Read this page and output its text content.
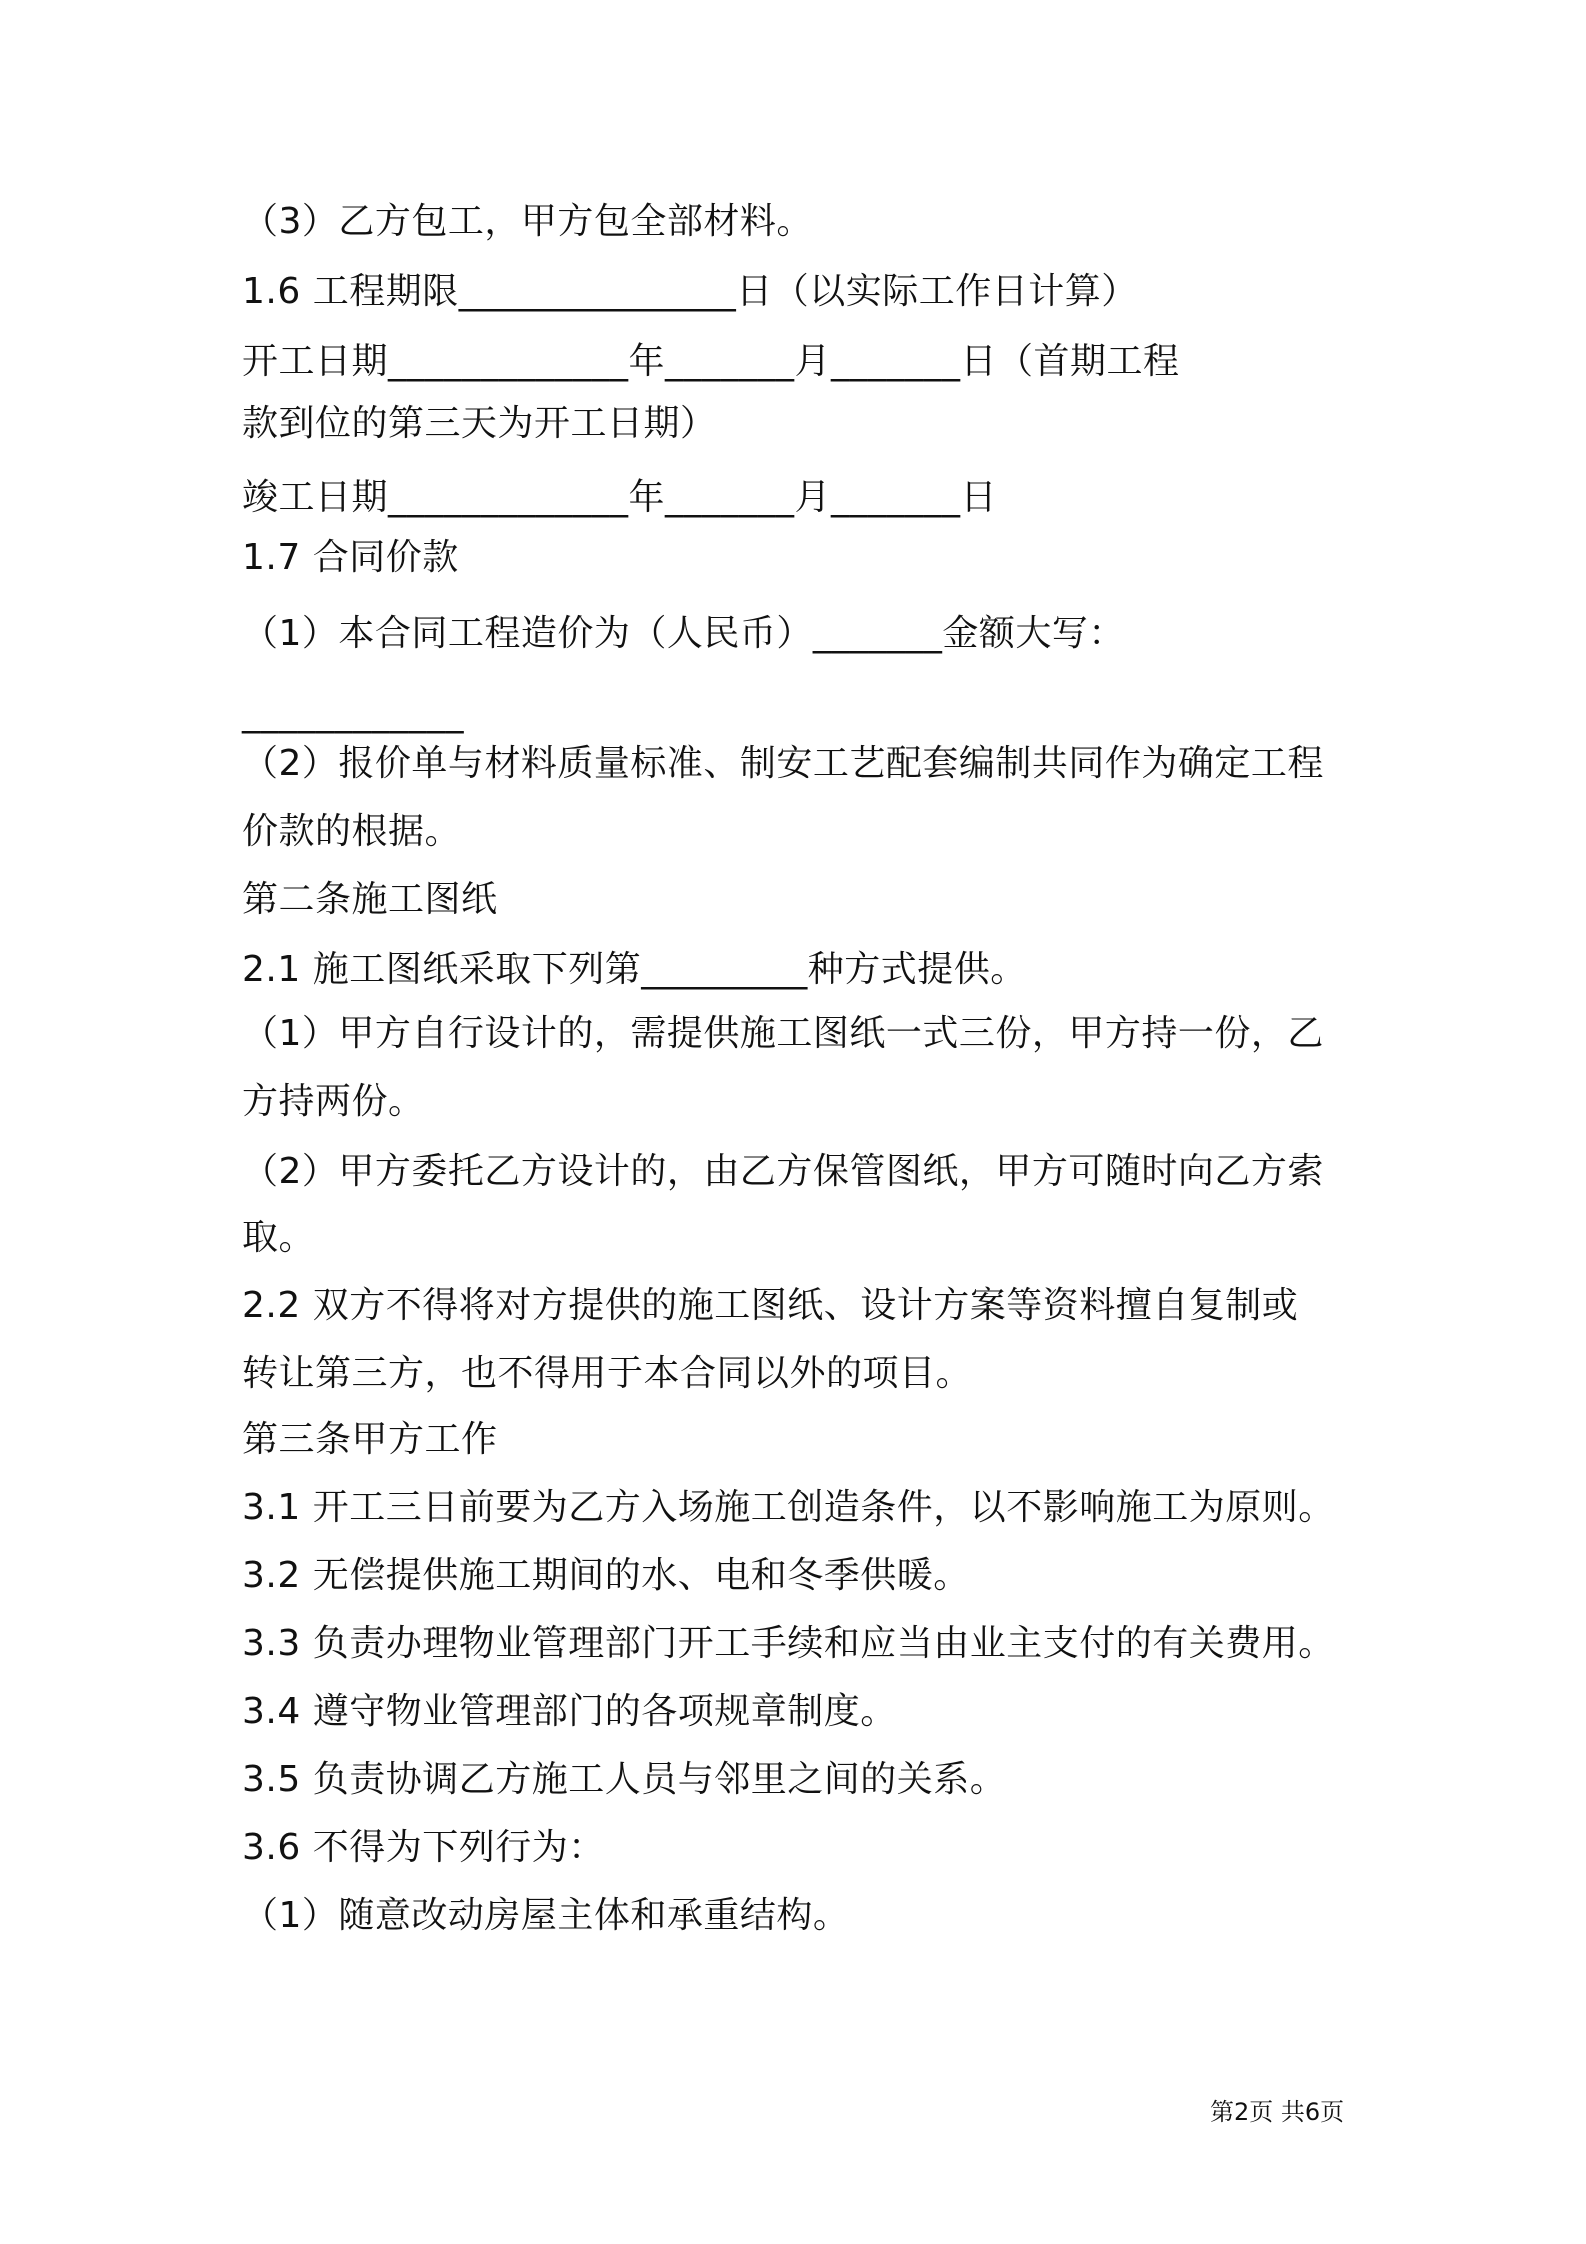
（3）乙方包工，甲方包全部材料。
1.6 工程期限_______________日（以实际工作日计算）
开工日期_____________年_______月_______日（首期工程
款到位的第三天为开工日期）
竣工日期_____________年_______月_______日
1.7 合同价款
（1）本合同工程造价为（人民币）_______金额大写：
____________
（2）报价单与材料质量标准、制安工艺配套编制共同作为确定工程
价款的根据。
第二条施工图纸
2.1 施工图纸采取下列第_________种方式提供。
（1）甲方自行设计的，需提供施工图纸一式三份，甲方持一份，乙
方持两份。
（2）甲方委托乙方设计的，由乙方保管图纸，甲方可随时向乙方索
取。
2.2 双方不得将对方提供的施工图纸、设计方案等资料擅自复制或
转让第三方，也不得用于本合同以外的项目。
第三条甲方工作
3.1 开工三日前要为乙方入场施工创造条件，以不影响施工为原则。
3.2 无偿提供施工期间的水、电和冬季供暖。
3.3 负责办理物业管理部门开工手续和应当由业主支付的有关费用。
3.4 遵守物业管理部门的各项规章制度。
3.5 负责协调乙方施工人员与邻里之间的关系。
3.6 不得为下列行为：
（1）随意改动房屋主体和承重结构。
第2页 共6页
